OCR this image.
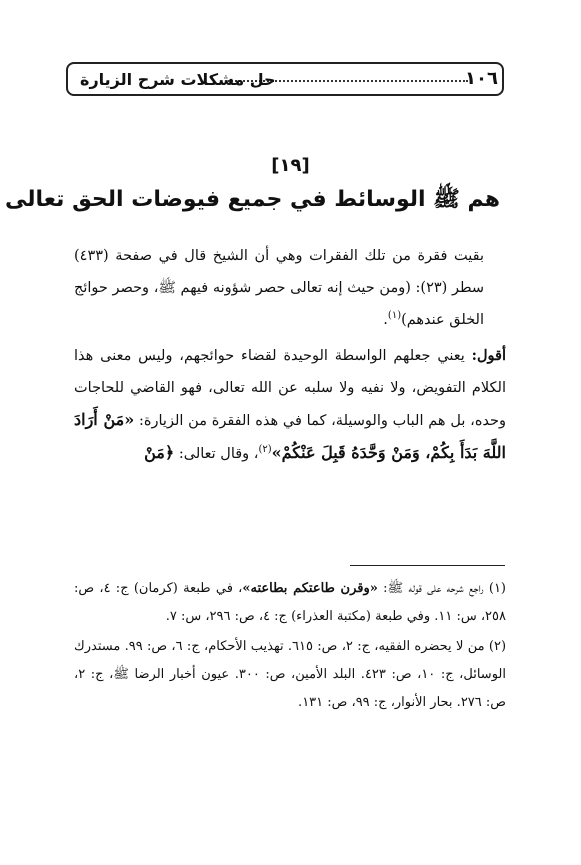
١٠٦
حل مشكلات شرح الزيارة
[١٩]
هم ﷺ الوسائط في جميع فيوضات الحق تعالى

بقيت فقرة من تلك الفقرات وهي أن الشيخ قال في صفحة (٤٣٣) سطر (٢٣): (ومن حيث إنه تعالى حصر شؤونه فيهم ﷺ، وحصر حوائج الخلق عندهم)$^{(١)}$.

أقول: يعني جعلهم الواسطة الوحيدة لقضاء حوائجهم، وليس معنى هذا الكلام التفويض، ولا نفيه ولا سلبه عن الله تعالى، فهو القاضي للحاجات وحده، بل هم الباب والوسيلة، كما في هذه الفقرة من الزيارة: «مَنْ أَرَادَ اللَّهَ بَدَأَ بِكُمْ، وَمَنْ وَحَّدَهُ قَبِلَ عَنْكُمْ»$^{(٢)}$، وقال تعالى: ﴿مَنْ

(١) راجع شرحه على قوله ﷺ: «وقرن طاعتكم بطاعته»، في طبعة (كرمان) ج: ٤، ص: ٢٥٨، س: ١١. وفي طبعة (مكتبة العذراء) ج: ٤، ص: ٢٩٦، س: ٧.

(٢) من لا يحضره الفقيه، ج: ٢، ص: ٦١٥. تهذيب الأحكام، ج: ٦، ص: ٩٩. مستدرك الوسائل، ج: ١٠، ص: ٤٢٣. البلد الأمين، ص: ٣٠٠. عيون أخبار الرضا ﷺ، ج: ٢، ص: ٢٧٦. بحار الأنوار، ج: ٩٩، ص: ١٣١.
